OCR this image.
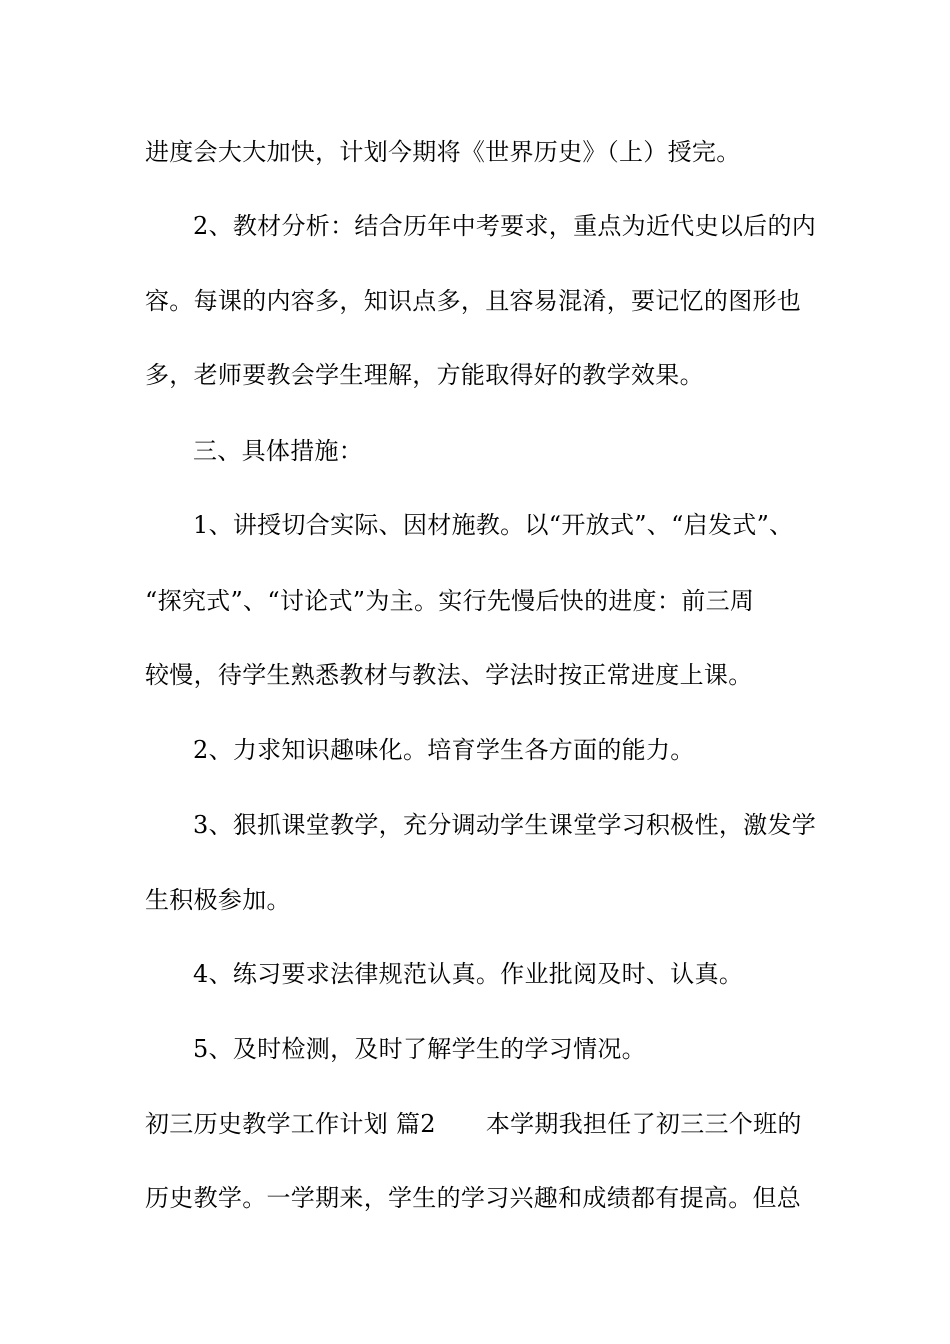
进度会大大加快，计划今期将《世界历史》（上）授完。
2、教材分析：结合历年中考要求，重点为近代史以后的内
容。每课的内容多，知识点多，且容易混淆，要记忆的图形也
多，老师要教会学生理解，方能取得好的教学效果。
三、具体措施：
1、讲授切合实际、因材施教。以“开放式”、“启发式”、
“探究式”、“讨论式”为主。实行先慢后快的进度：前三周
较慢，待学生熟悉教材与教法、学法时按正常进度上课。
2、力求知识趣味化。培育学生各方面的能力。
3、狠抓课堂教学，充分调动学生课堂学习积极性，激发学
生积极参加。
4、练习要求法律规范认真。作业批阅及时、认真。
5、及时检测，及时了解学生的学习情况。
初三历史教学工作计划 篇2 本学期我担任了初三三个班的
历史教学。一学期来，学生的学习兴趣和成绩都有提高。但总
